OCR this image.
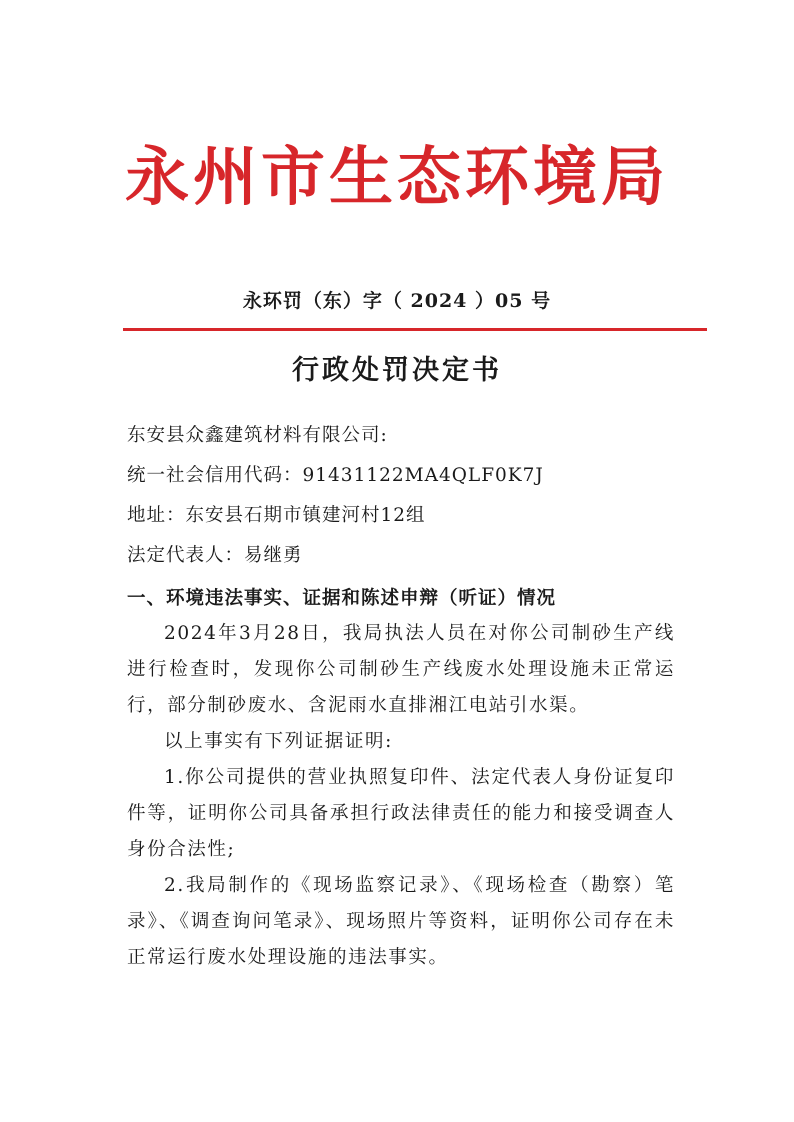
永州市生态环境局
永环罚（东）字（ 2024 ）05 号
行政处罚决定书
东安县众鑫建筑材料有限公司:
统一社会信用代码：91431122MA4QLF0K7J
地址：东安县石期市镇建河村12组
法定代表人：易继勇
一、环境违法事实、证据和陈述申辩（听证）情况
2024年3月28日，我局执法人员在对你公司制砂生产线进行检查时，发现你公司制砂生产线废水处理设施未正常运行，部分制砂废水、含泥雨水直排湘江电站引水渠。
以上事实有下列证据证明:
1.你公司提供的营业执照复印件、法定代表人身份证复印件等，证明你公司具备承担行政法律责任的能力和接受调查人身份合法性;
2.我局制作的《现场监察记录》、《现场检查（勘察）笔录》、《调查询问笔录》、现场照片等资料，证明你公司存在未正常运行废水处理设施的违法事实。
